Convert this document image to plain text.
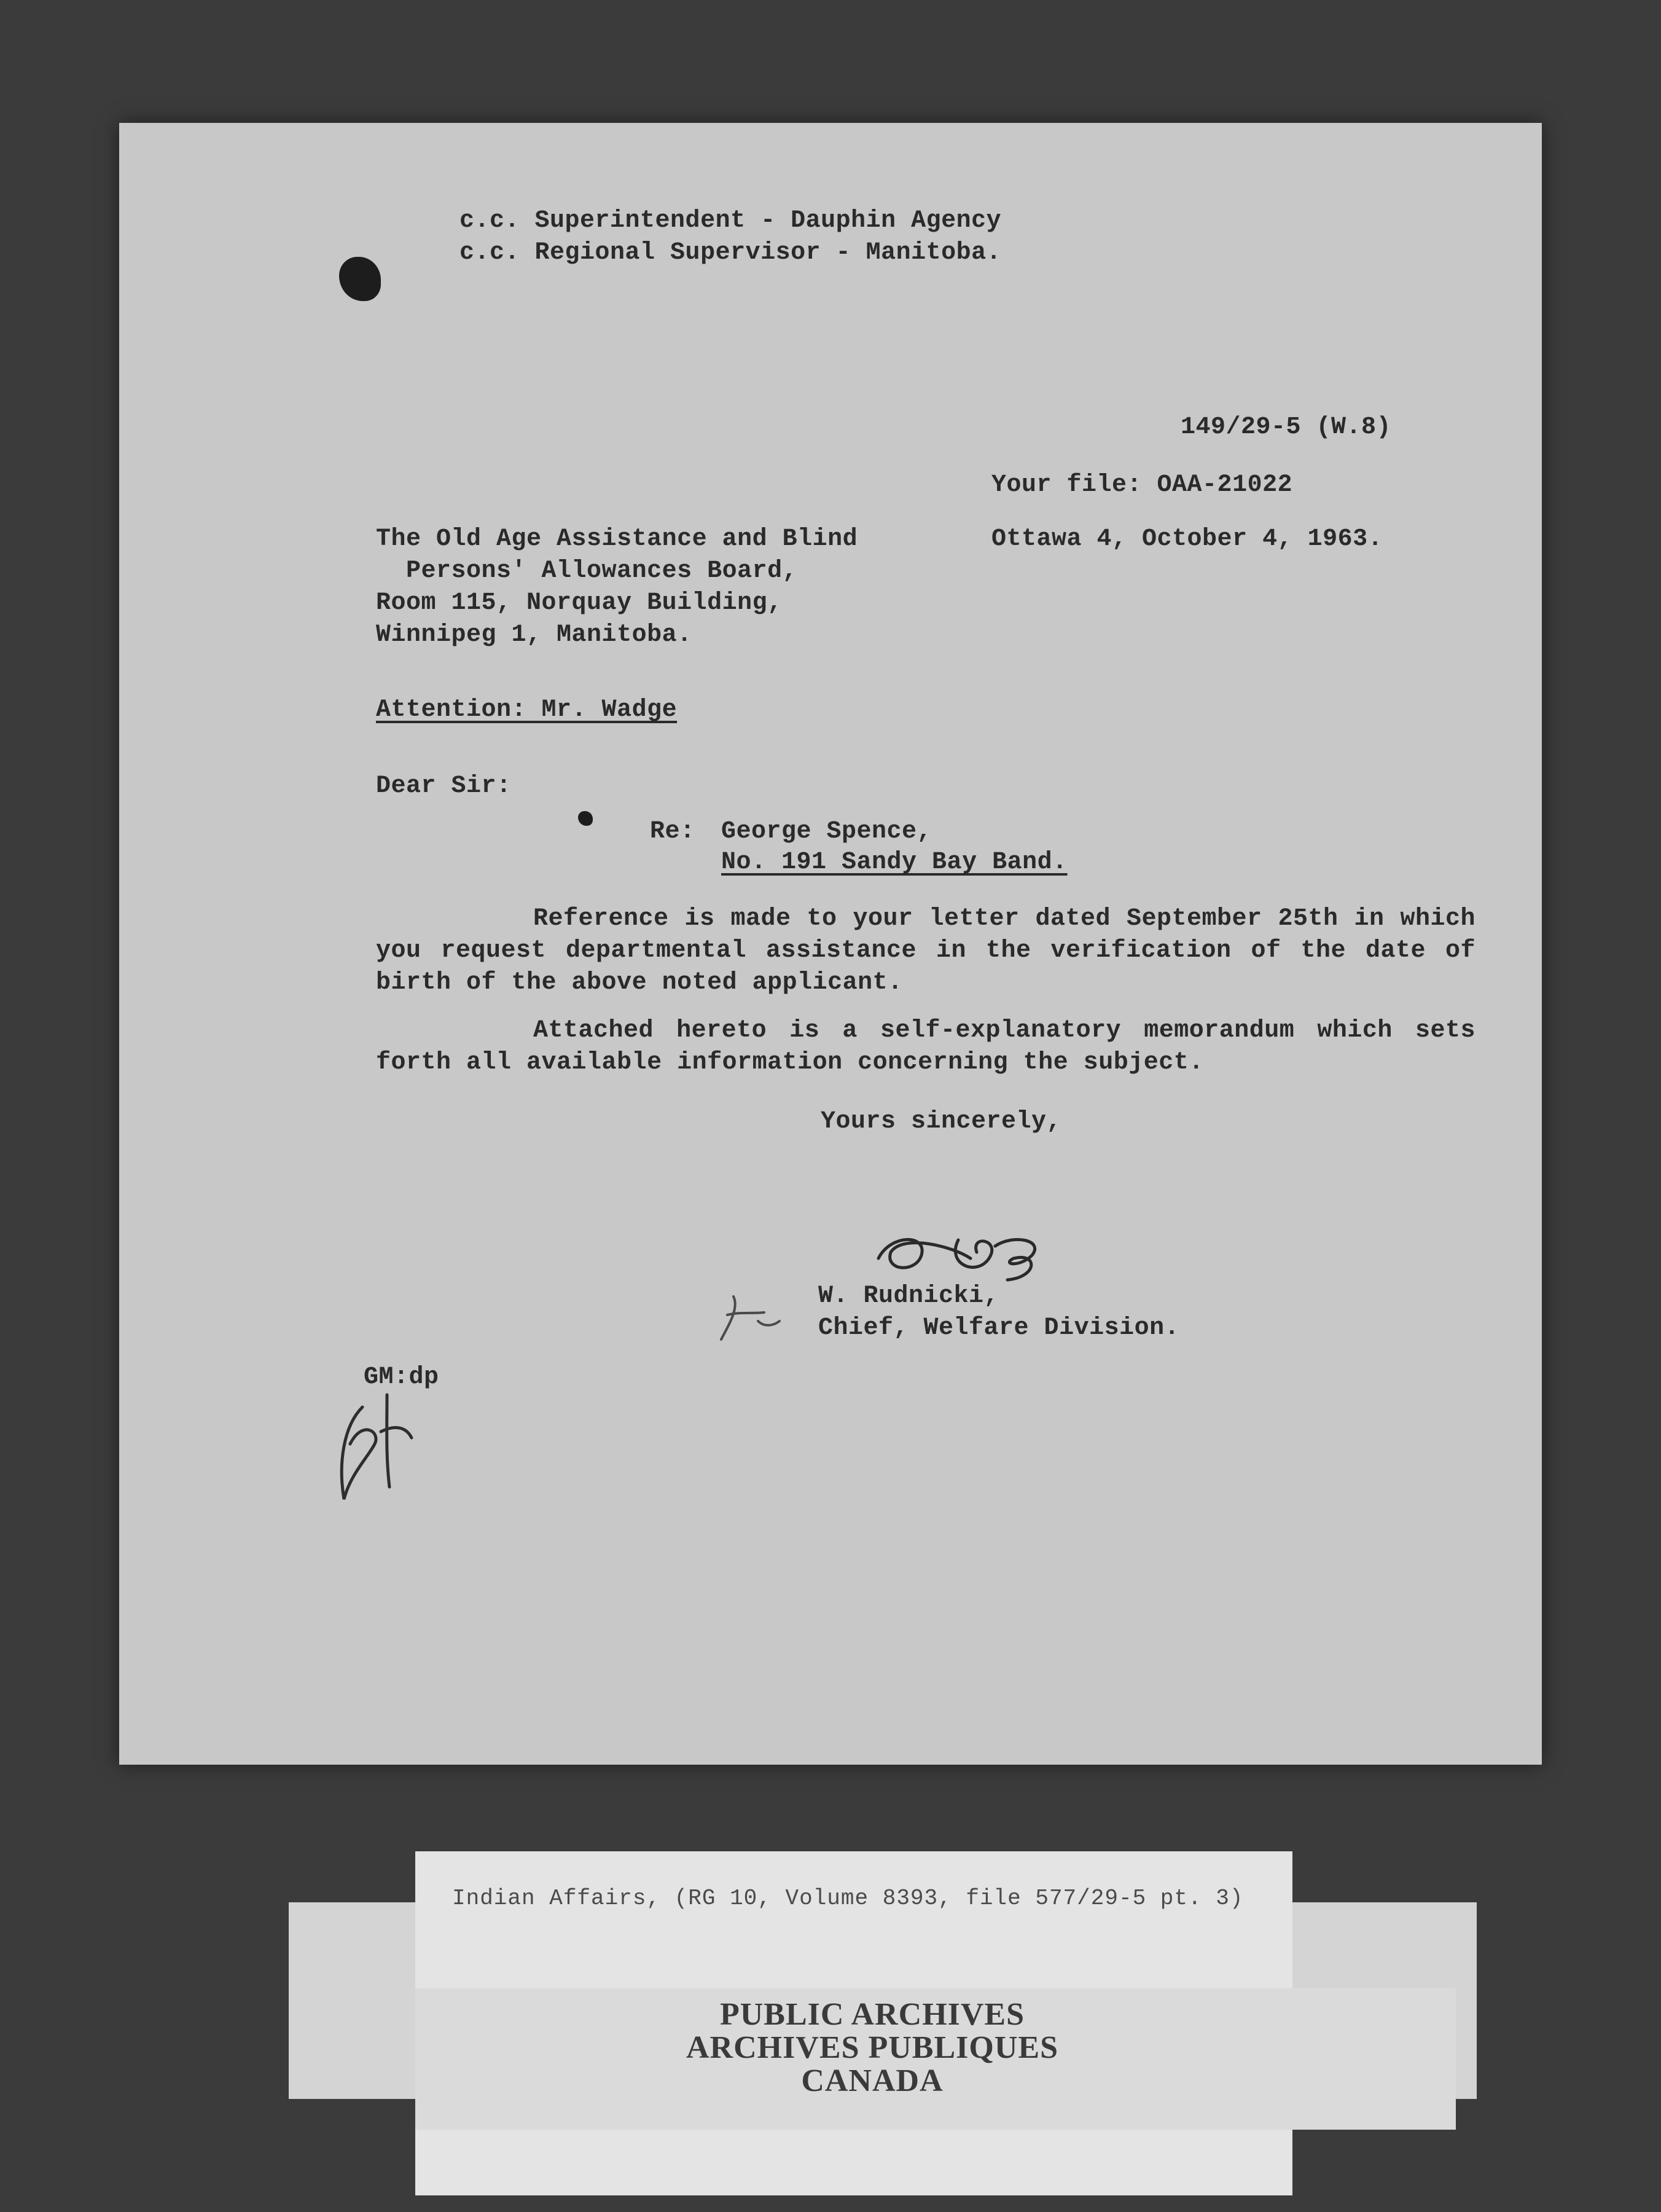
c.c. Superintendent - Dauphin Agency
c.c. Regional Supervisor - Manitoba.
149/29-5 (W.8)
Your file: OAA-21022
Ottawa 4, October 4, 1963.
The Old Age Assistance and Blind
Persons' Allowances Board,
Room 115, Norquay Building,
Winnipeg 1, Manitoba.
Attention: Mr. Wadge
Dear Sir:
Re: George Spence,
No. 191 Sandy Bay Band.
Reference is made to your letter dated September 25th in which you request departmental assistance in the verification of the date of birth of the above noted applicant.
Attached hereto is a self-explanatory memorandum which sets forth all available information concerning the subject.
Yours sincerely,
W. Rudnicki,
Chief, Welfare Division.
GM:dp
Indian Affairs, (RG 10, Volume 8393, file 577/29-5 pt. 3)
PUBLIC ARCHIVES
ARCHIVES PUBLIQUES
CANADA
